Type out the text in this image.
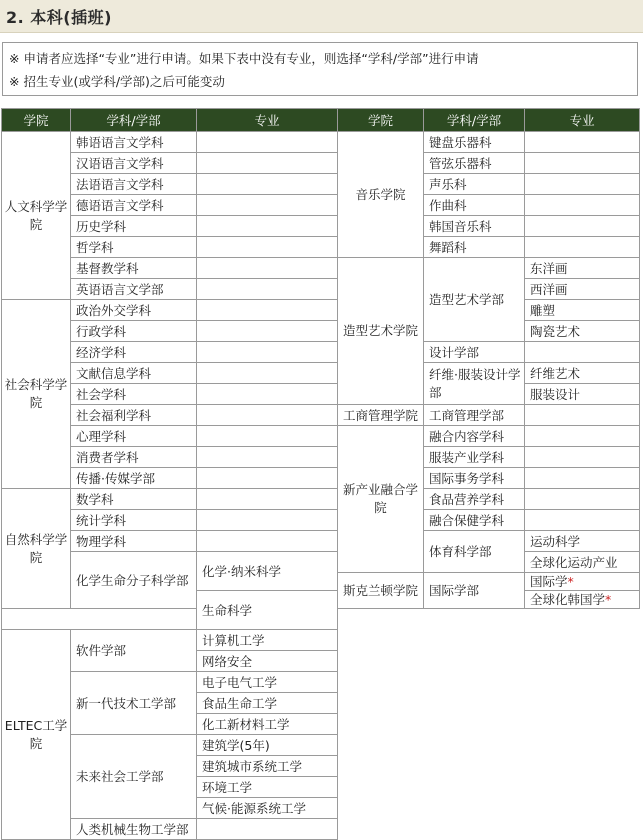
2. 本科(插班)
※ 申请者应选择“专业”进行申请。如果下表中没有专业，则选择“学科/学部”进行申请
※ 招生专业(或学科/学部)之后可能变动
学院	学科/学部	专业	学院	学科/学部	专业
人文科学学院	韩语语言文学科		音乐学院	键盘乐器科	
	汉语语言文学科			管弦乐器科	
	法语语言文学科			声乐科	
	德语语言文学科			作曲科	
	历史学科			韩国音乐科	
	哲学科			舞蹈科	
	基督教学科		造型艺术学院	造型艺术学部	东洋画
	英语语言文学部				西洋画
社会科学学院	政治外交学科				雕塑
	行政学科				陶瓷艺术
	经济学科			设计学部	
	文献信息学科			纤维·服装设计学部	纤维艺术
	社会学科				服装设计
	社会福利学科		工商管理学院	工商管理学部	
	心理学科		新产业融合学院	融合内容学科	
	消费者学科			服装产业学科	
	传播·传媒学部			国际事务学科	
自然科学学院	数学科			食品营养学科	
	统计学科			融合保健学科	
	物理学科			体育科学部	运动科学
	化学生命分子科学部	化学·纳米科学			全球化运动产业
			斯克兰顿学院	国际学部	国际学*
		生命科学			全球化韩国学*

ELTEC工学院	软件学部	计算机工学			
		网络安全			
	新一代技术工学部	电子电气工学			
		食品生命工学			
		化工新材料工学			
	未来社会工学部	建筑学(5年)			
		建筑城市系统工学			
		环境工学			
		气候·能源系统工学			
	人类机械生物工学部				
